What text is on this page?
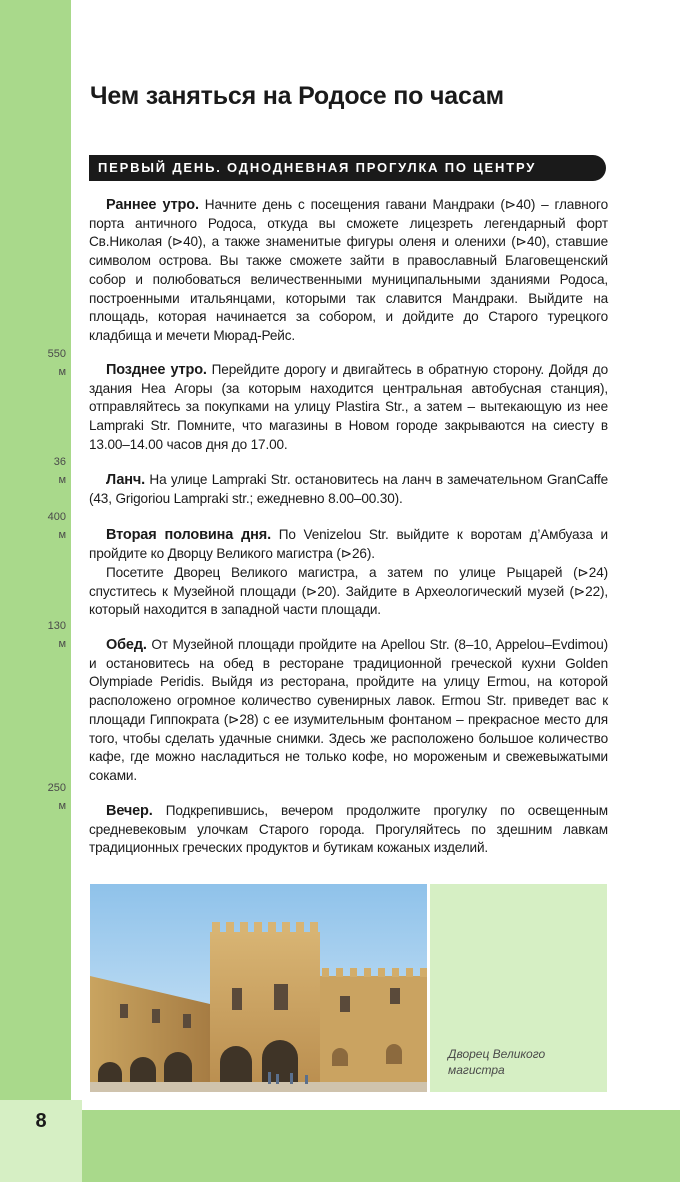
8
Чем заняться на Родосе по часам
ПЕРВЫЙ ДЕНЬ. ОДНОДНЕВНАЯ ПРОГУЛКА ПО ЦЕНТРУ
550
м
36
м
400
м
130
м
250
м

Раннее утро. Начните день с посещения гавани Мандраки (⊳40) – главного порта античного Родоса, откуда вы сможете лицезреть легендарный форт Св.Николая (⊳40), а также знаменитые фигуры оленя и оленихи (⊳40), ставшие символом острова. Вы также сможете зайти в православный Благовещенский собор и полюбоваться величественными муниципальными зданиями Родоса, построенными итальянцами, которыми так славится Мандраки. Выйдите на площадь, которая начинается за собором, и дойдите до Старого турецкого кладбища и мечети Мюрад-Рейс.

Позднее утро. Перейдите дорогу и двигайтесь в обратную сторону. Дойдя до здания Неа Агоры (за которым находится центральная автобусная станция), отправляйтесь за покупками на улицу Plastira Str., а затем – вытекающую из нее Lampraki Str. Помните, что магазины в Новом городе закрываются на сиесту в 13.00–14.00 часов дня до 17.00.

Ланч. На улице Lampraki Str. остановитесь на ланч в замечательном GranCaffe (43, Grigoriou Lampraki str.; ежедневно 8.00–00.30).

Вторая половина дня. По Venizelou Str. выйдите к воротам д’Амбуаза и пройдите ко Дворцу Великого магистра (⊳26).

Посетите Дворец Великого магистра, а затем по улице Рыцарей (⊳24) спуститесь к Музейной площади (⊳20). Зайдите в Археологический музей (⊳22), который находится в западной части площади.

Обед. От Музейной площади пройдите на Apellou Str. (8–10, Appelou–Evdimou) и остановитесь на обед в ресторане традиционной греческой кухни Golden Olympiade Peridis. Выйдя из ресторана, пройдите на улицу Ermou, на которой расположено огромное количество сувенирных лавок. Ermou Str. приведет вас к площади Гиппократа (⊳28) с ее изумительным фонтаном – прекрасное место для того, чтобы сделать удачные снимки. Здесь же расположено большое количество кафе, где можно насладиться не только кофе, но мороженым и свежевыжатыми соками.

Вечер. Подкрепившись, вечером продолжите прогулку по освещенным средневековым улочкам Старого города. Прогуляйтесь по здешним лавкам традиционных греческих продуктов и бутикам кожаных изделий.

Дворец Великого магистра
